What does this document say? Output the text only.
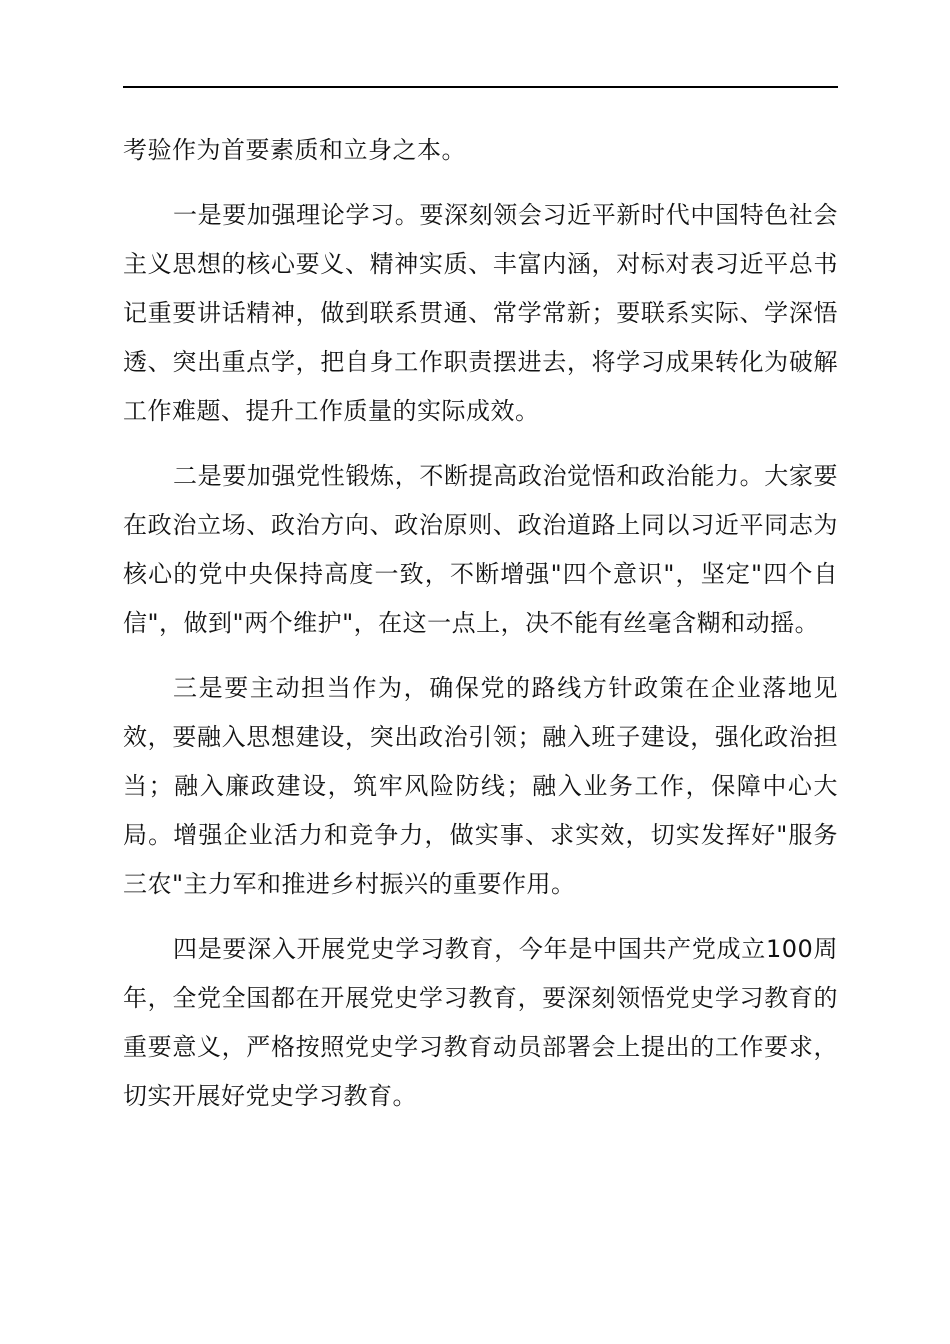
考验作为首要素质和立身之本。

一是要加强理论学习。要深刻领会习近平新时代中国特色社会主义思想的核心要义、精神实质、丰富内涵，对标对表习近平总书记重要讲话精神，做到联系贯通、常学常新；要联系实际、学深悟透、突出重点学，把自身工作职责摆进去，将学习成果转化为破解工作难题、提升工作质量的实际成效。

二是要加强党性锻炼，不断提高政治觉悟和政治能力。大家要在政治立场、政治方向、政治原则、政治道路上同以习近平同志为核心的党中央保持高度一致，不断增强"四个意识"，坚定"四个自信"，做到"两个维护"，在这一点上，决不能有丝毫含糊和动摇。

三是要主动担当作为，确保党的路线方针政策在企业落地见效，要融入思想建设，突出政治引领；融入班子建设，强化政治担当；融入廉政建设，筑牢风险防线；融入业务工作，保障中心大局。增强企业活力和竞争力，做实事、求实效，切实发挥好"服务三农"主力军和推进乡村振兴的重要作用。

四是要深入开展党史学习教育，今年是中国共产党成立100周年，全党全国都在开展党史学习教育，要深刻领悟党史学习教育的重要意义，严格按照党史学习教育动员部署会上提出的工作要求，切实开展好党史学习教育。
